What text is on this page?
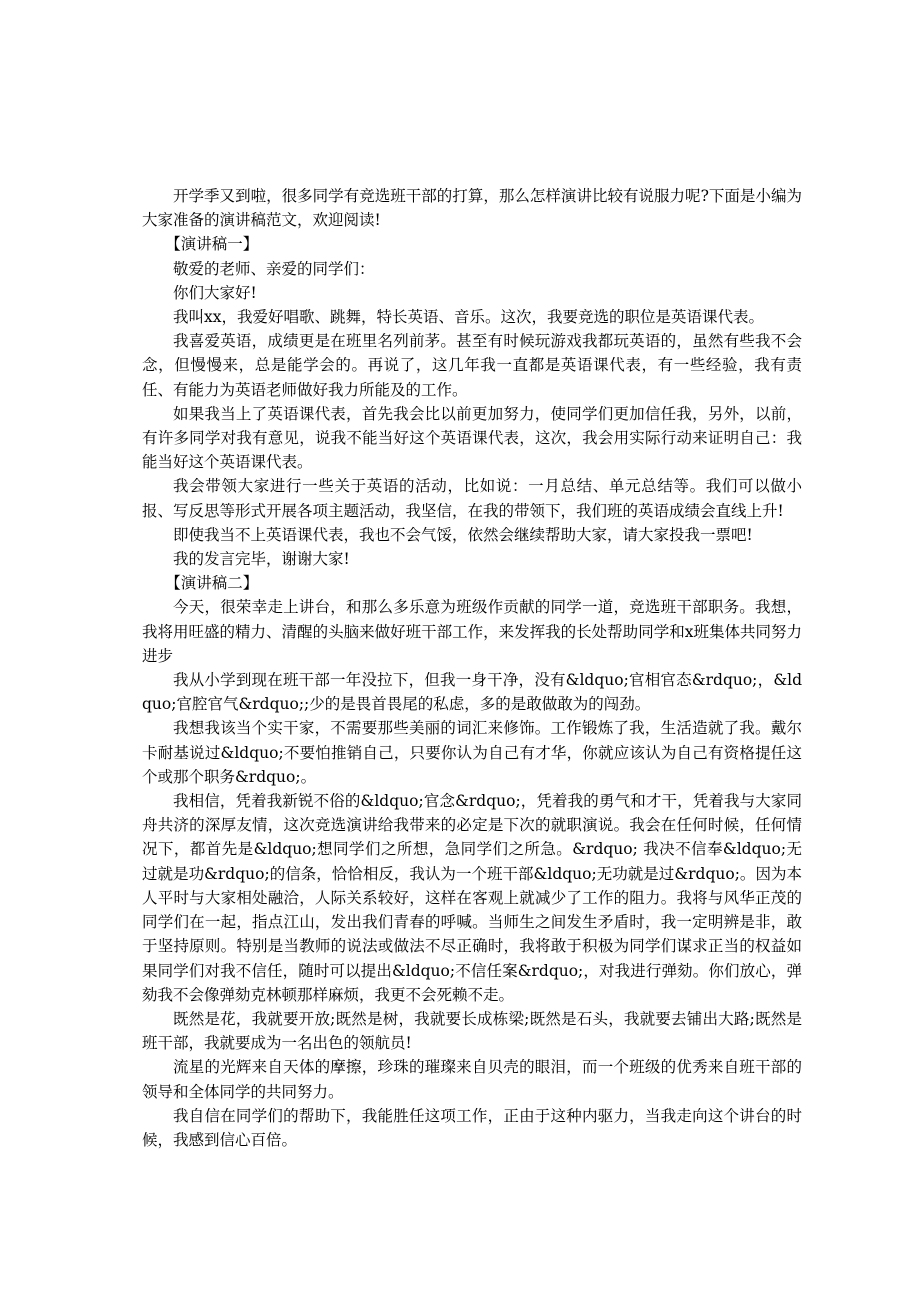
开学季又到啦，很多同学有竞选班干部的打算，那么怎样演讲比较有说服力呢?下面是小编为大家准备的演讲稿范文，欢迎阅读!

【演讲稿一】

敬爱的老师、亲爱的同学们：

你们大家好!

我叫xx，我爱好唱歌、跳舞，特长英语、音乐。这次，我要竞选的职位是英语课代表。

我喜爱英语，成绩更是在班里名列前茅。甚至有时候玩游戏我都玩英语的，虽然有些我不会念，但慢慢来，总是能学会的。再说了，这几年我一直都是英语课代表，有一些经验，我有责任、有能力为英语老师做好我力所能及的工作。

如果我当上了英语课代表，首先我会比以前更加努力，使同学们更加信任我，另外，以前，有许多同学对我有意见，说我不能当好这个英语课代表，这次，我会用实际行动来证明自己：我能当好这个英语课代表。

我会带领大家进行一些关于英语的活动，比如说：一月总结、单元总结等。我们可以做小报、写反思等形式开展各项主题活动，我坚信，在我的带领下，我们班的英语成绩会直线上升!

即使我当不上英语课代表，我也不会气馁，依然会继续帮助大家，请大家投我一票吧!

我的发言完毕，谢谢大家!

【演讲稿二】

今天，很荣幸走上讲台，和那么多乐意为班级作贡献的同学一道，竞选班干部职务。我想，我将用旺盛的精力、清醒的头脑来做好班干部工作，来发挥我的长处帮助同学和x班集体共同努力进步

我从小学到现在班干部一年没拉下，但我一身干净，没有&ldquo;官相官态&rdquo;，&ldquo;官腔官气&rdquo;;少的是畏首畏尾的私虑，多的是敢做敢为的闯劲。

我想我该当个实干家，不需要那些美丽的词汇来修饰。工作锻炼了我，生活造就了我。戴尔卡耐基说过&ldquo;不要怕推销自己，只要你认为自己有才华，你就应该认为自己有资格提任这个或那个职务&rdquo;。

我相信，凭着我新锐不俗的&ldquo;官念&rdquo;，凭着我的勇气和才干，凭着我与大家同舟共济的深厚友情，这次竞选演讲给我带来的必定是下次的就职演说。我会在任何时候，任何情况下，都首先是&ldquo;想同学们之所想，急同学们之所急。&rdquo; 我决不信奉&ldquo;无过就是功&rdquo;的信条，恰恰相反，我认为一个班干部&ldquo;无功就是过&rdquo;。因为本人平时与大家相处融洽，人际关系较好，这样在客观上就减少了工作的阻力。我将与风华正茂的同学们在一起，指点江山，发出我们青春的呼喊。当师生之间发生矛盾时，我一定明辨是非，敢于坚持原则。特别是当教师的说法或做法不尽正确时，我将敢于积极为同学们谋求正当的权益如果同学们对我不信任，随时可以提出&ldquo;不信任案&rdquo;，对我进行弹劾。你们放心，弹劾我不会像弹劾克林顿那样麻烦，我更不会死赖不走。

既然是花，我就要开放;既然是树，我就要长成栋梁;既然是石头，我就要去铺出大路;既然是班干部，我就要成为一名出色的领航员!

流星的光辉来自天体的摩擦，珍珠的璀璨来自贝壳的眼泪，而一个班级的优秀来自班干部的领导和全体同学的共同努力。

我自信在同学们的帮助下，我能胜任这项工作，正由于这种内驱力，当我走向这个讲台的时候，我感到信心百倍。
